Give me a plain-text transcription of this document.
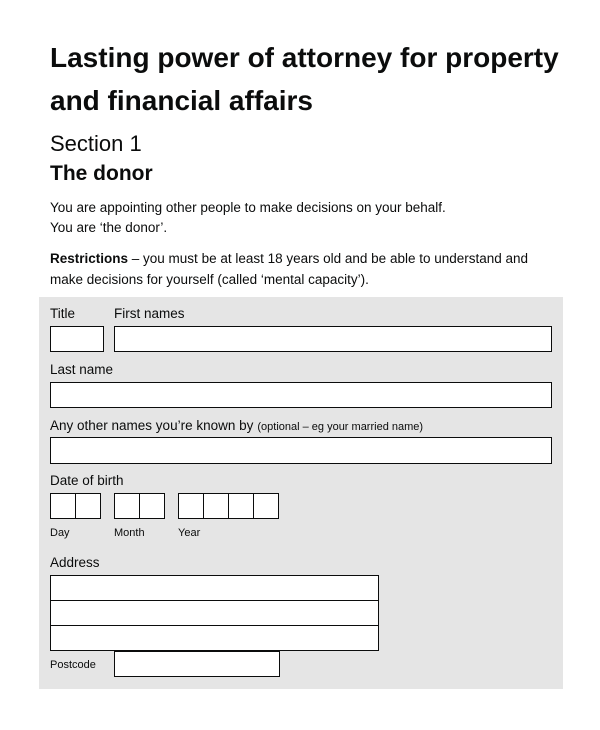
Lasting power of attorney for property and financial affairs
Section 1
The donor
You are appointing other people to make decisions on your behalf.
You are ‘the donor’.

Restrictions – you must be at least 18 years old and be able to understand and make decisions for yourself (called ‘mental capacity’).

Title	First names
Last name
Any other names you’re known by (optional – eg your married name)
Date of birth
Day	Month	Year
Address
Postcode
